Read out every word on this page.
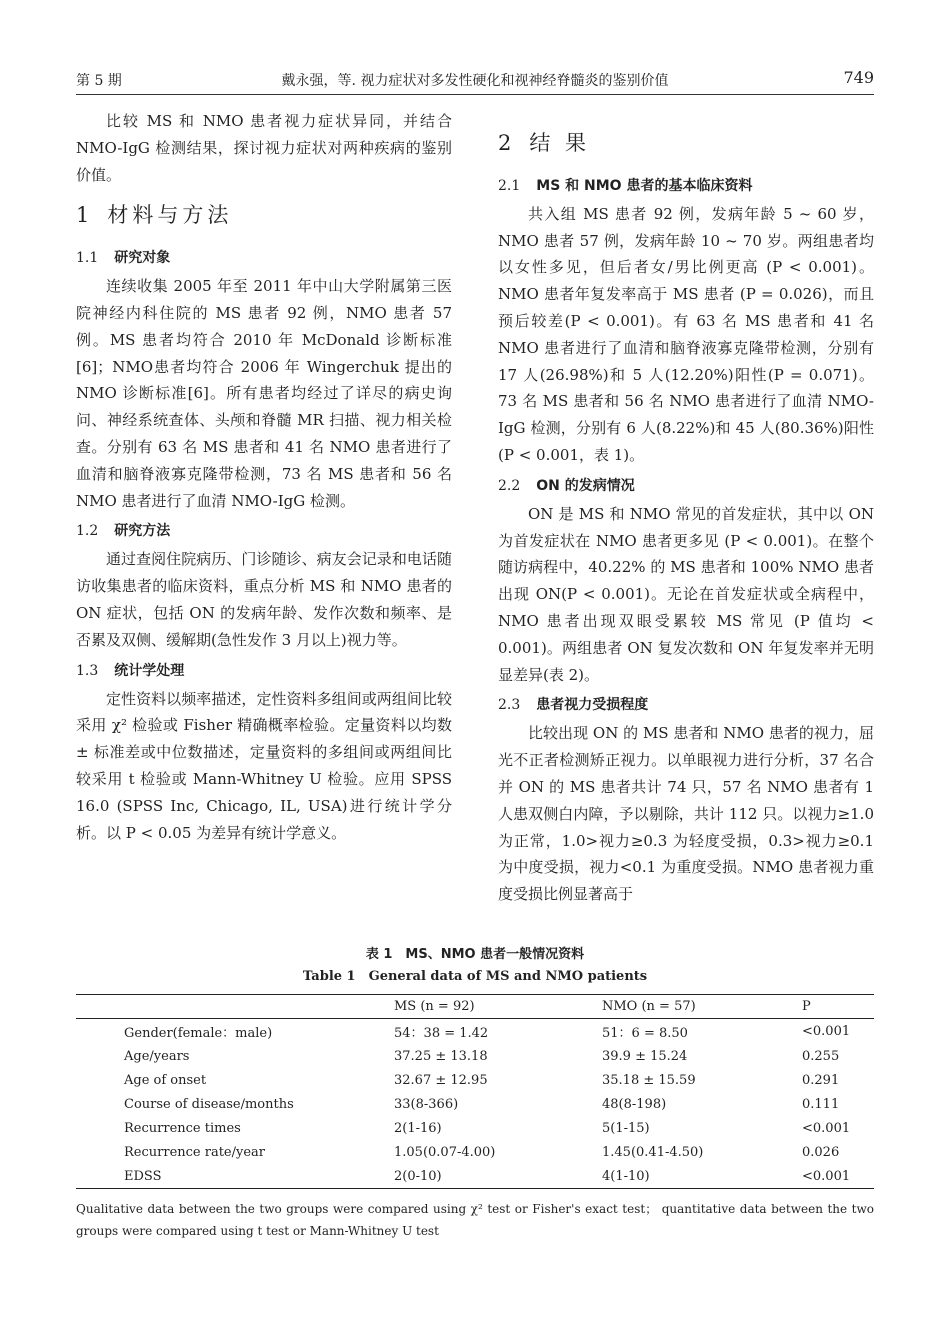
第 5 期	戴永强，等. 视力症状对多发性硬化和视神经脊髓炎的鉴别价值	749

比较 MS 和 NMO 患者视力症状异同，并结合 NMO-IgG 检测结果，探讨视力症状对两种疾病的鉴别价值。

1 材料与方法
1.1 研究对象

连续收集 2005 年至 2011 年中山大学附属第三医院神经内科住院的 MS 患者 92 例，NMO 患者 57 例。MS 患者均符合 2010 年 McDonald 诊断标准[6]；NMO患者均符合 2006 年 Wingerchuk 提出的 NMO 诊断标准[6]。所有患者均经过了详尽的病史询问、神经系统查体、头颅和脊髓 MR 扫描、视力相关检查。分别有 63 名 MS 患者和 41 名 NMO 患者进行了血清和脑脊液寡克隆带检测，73 名 MS 患者和 56 名 NMO 患者进行了血清 NMO-IgG 检测。

1.2 研究方法

通过查阅住院病历、门诊随诊、病友会记录和电话随访收集患者的临床资料，重点分析 MS 和 NMO 患者的 ON 症状，包括 ON 的发病年龄、发作次数和频率、是否累及双侧、缓解期(急性发作 3 月以上)视力等。

1.3 统计学处理

定性资料以频率描述，定性资料多组间或两组间比较采用 χ² 检验或 Fisher 精确概率检验。定量资料以均数 ± 标准差或中位数描述，定量资料的多组间或两组间比较采用 t 检验或 Mann-Whitney U 检验。应用 SPSS 16.0 (SPSS Inc, Chicago, IL, USA)进行统计学分析。以 P < 0.05 为差异有统计学意义。

2 结 果
2.1 MS 和 NMO 患者的基本临床资料

共入组 MS 患者 92 例，发病年龄 5 ~ 60 岁，NMO 患者 57 例，发病年龄 10 ~ 70 岁。两组患者均以女性多见，但后者女/男比例更高 (P < 0.001)。NMO 患者年复发率高于 MS 患者 (P = 0.026)，而且预后较差(P < 0.001)。有 63 名 MS 患者和 41 名 NMO 患者进行了血清和脑脊液寡克隆带检测，分别有 17 人(26.98%)和 5 人(12.20%)阳性(P = 0.071)。73 名 MS 患者和 56 名 NMO 患者进行了血清 NMO-IgG 检测，分别有 6 人(8.22%)和 45 人(80.36%)阳性(P < 0.001，表 1)。

2.2 ON 的发病情况

ON 是 MS 和 NMO 常见的首发症状，其中以 ON 为首发症状在 NMO 患者更多见 (P < 0.001)。在整个随访病程中，40.22% 的 MS 患者和 100% NMO 患者出现 ON(P < 0.001)。无论在首发症状或全病程中，NMO 患者出现双眼受累较 MS 常见 (P 值均 < 0.001)。两组患者 ON 复发次数和 ON 年复发率并无明显差异(表 2)。

2.3 患者视力受损程度

比较出现 ON 的 MS 患者和 NMO 患者的视力，屈光不正者检测矫正视力。以单眼视力进行分析，37 名合并 ON 的 MS 患者共计 74 只，57 名 NMO 患者有 1 人患双侧白内障，予以剔除，共计 112 只。以视力≥1.0 为正常，1.0>视力≥0.3 为轻度受损，0.3>视力≥0.1 为中度受损，视力<0.1 为重度受损。NMO 患者视力重度受损比例显著高于

表 1　MS、NMO 患者一般情况资料
Table 1　General data of MS and NMO patients
	MS (n = 92)	NMO (n = 57)	P
Gender(female：male)	54：38 = 1.42	51：6 = 8.50	<0.001
Age/years	37.25 ± 13.18	39.9 ± 15.24	0.255
Age of onset	32.67 ± 12.95	35.18 ± 15.59	0.291
Course of disease/months	33(8-366)	48(8-198)	0.111
Recurrence times	2(1-16)	5(1-15)	<0.001
Recurrence rate/year	1.05(0.07-4.00)	1.45(0.41-4.50)	0.026
EDSS	2(0-10)	4(1-10)	<0.001
Qualitative data between the two groups were compared using χ² test or Fisher's exact test； quantitative data between the two groups were compared using t test or Mann-Whitney U test
